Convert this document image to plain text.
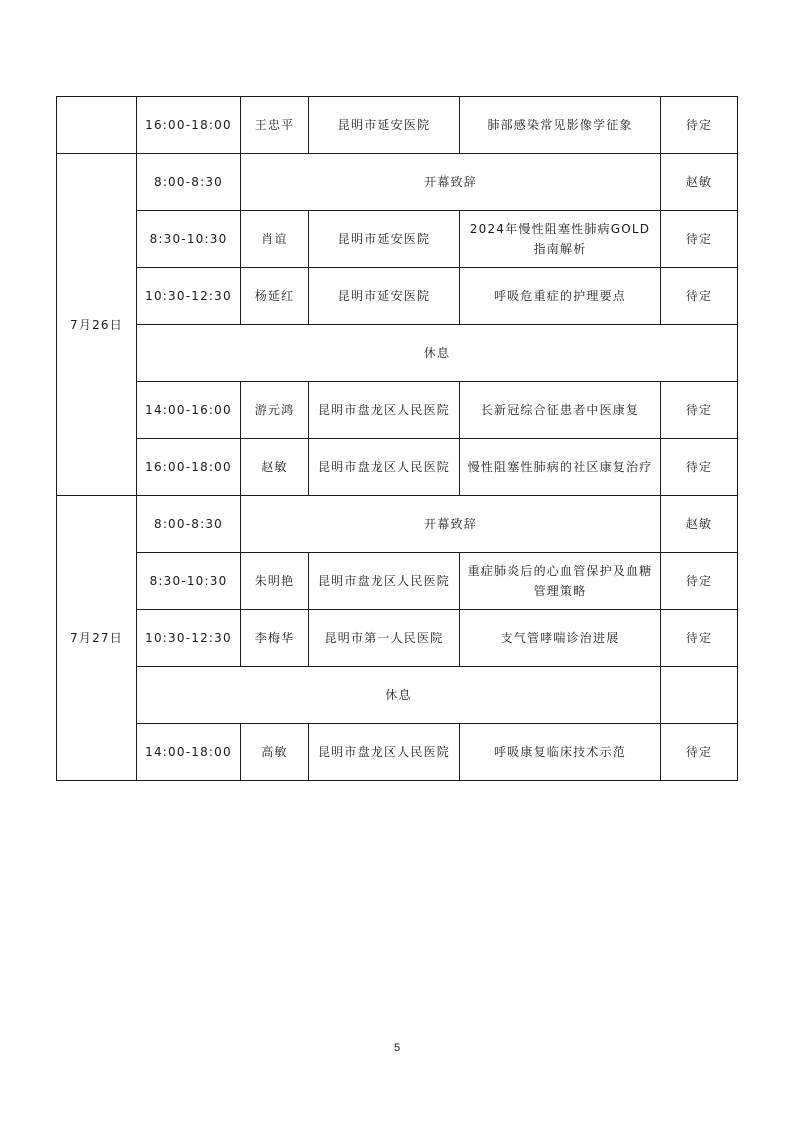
	16:00-18:00	王忠平	昆明市延安医院	肺部感染常见影像学征象	待定
7月26日	8:00-8:30	开幕致辞			赵敏
	8:30-10:30	肖谊	昆明市延安医院	2024年慢性阻塞性肺病GOLD指南解析	待定
	10:30-12:30	杨延红	昆明市延安医院	呼吸危重症的护理要点	待定
	休息				
	14:00-16:00	游元鸿	昆明市盘龙区人民医院	长新冠综合征患者中医康复	待定
	16:00-18:00	赵敏	昆明市盘龙区人民医院	慢性阻塞性肺病的社区康复治疗	待定
7月27日	8:00-8:30	开幕致辞			赵敏
	8:30-10:30	朱明艳	昆明市盘龙区人民医院	重症肺炎后的心血管保护及血糖管理策略	待定
	10:30-12:30	李梅华	昆明市第一人民医院	支气管哮喘诊治进展	待定
	休息				
	14:00-18:00	高敏	昆明市盘龙区人民医院	呼吸康复临床技术示范	待定
5
